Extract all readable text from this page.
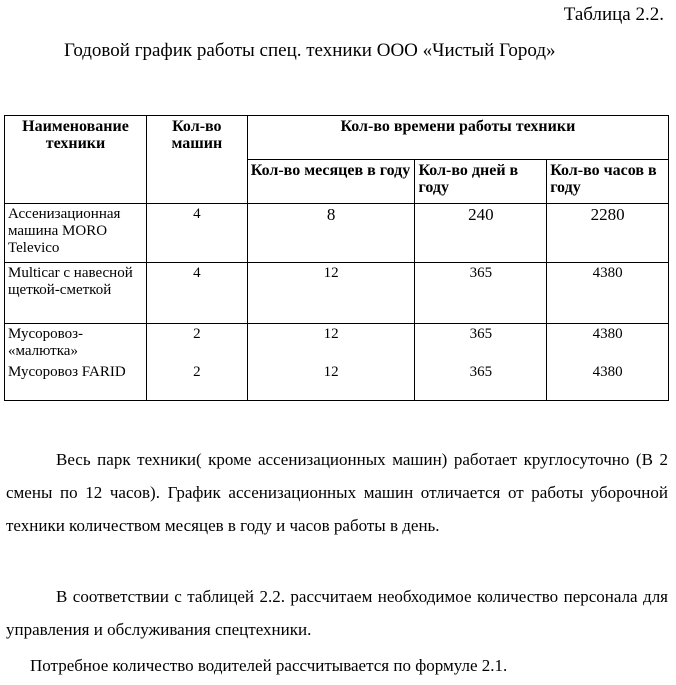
Таблица 2.2.
Годовой график работы спец. техники ООО «Чистый Город»
Наименование техники	Кол-во машин	Кол-во времени работы техники		
		Кол-во месяцев в году	Кол-во дней в году	Кол-во часов в году
Ассенизационная машина MORO Televico	4	8	240	2280
Multicar с навесной щеткой-сметкой	4	12	365	4380
Мусоровоз- «малютка»	2	12	365	4380
Мусоровоз FARID	2	12	365	4380
Весь парк техники( кроме ассенизационных машин) работает круглосуточно (В 2 смены по 12 часов). График ассенизационных машин отличается от работы уборочной техники количеством месяцев в году и часов работы в день.
В соответствии с таблицей 2.2. рассчитаем необходимое количество персонала для управления и обслуживания спецтехники.
Потребное количество водителей рассчитывается по формуле 2.1.
